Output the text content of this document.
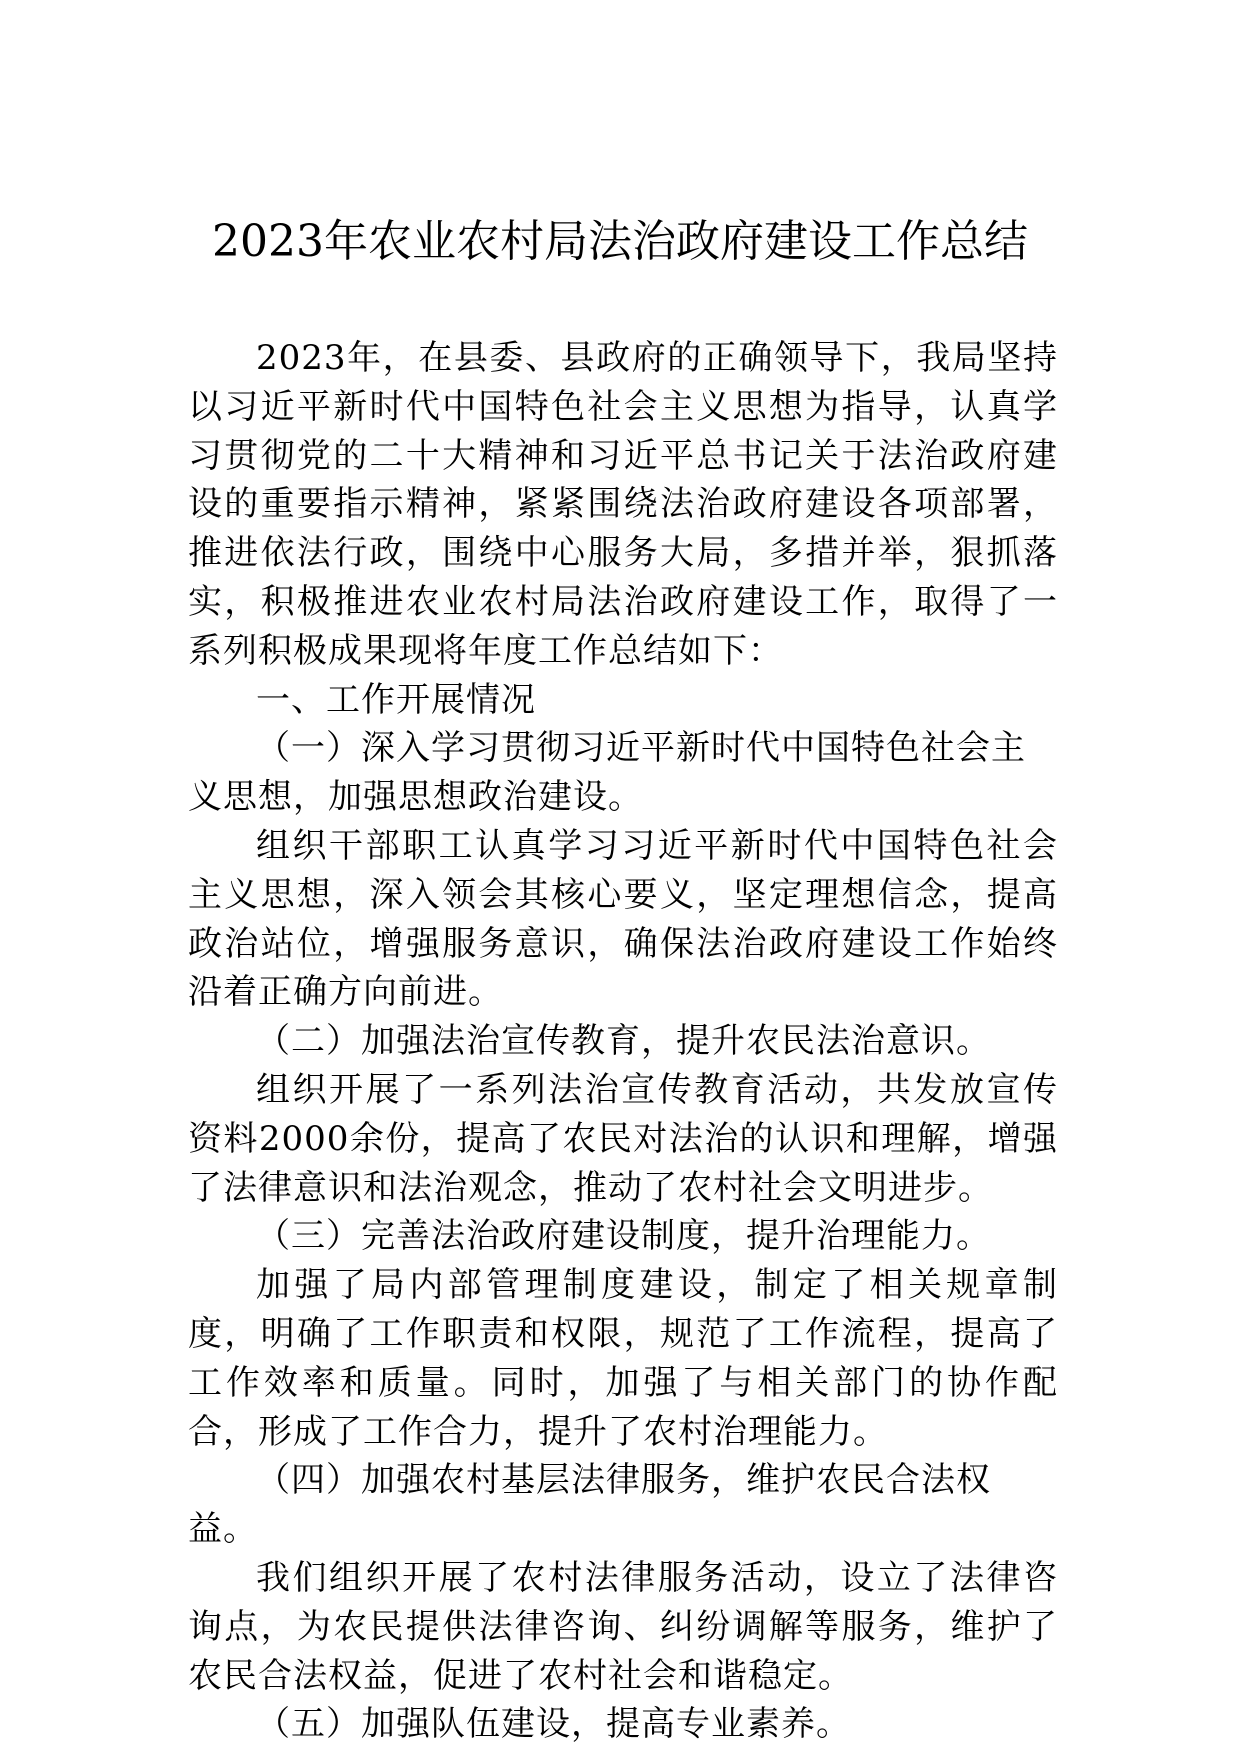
2023年农业农村局法治政府建设工作总结

2023年，在县委、县政府的正确领导下，我局坚持以习近平新时代中国特色社会主义思想为指导，认真学习贯彻党的二十大精神和习近平总书记关于法治政府建设的重要指示精神，紧紧围绕法治政府建设各项部署，推进依法行政，围绕中心服务大局，多措并举，狠抓落实，积极推进农业农村局法治政府建设工作，取得了一系列积极成果现将年度工作总结如下：

一、工作开展情况

（一）深入学习贯彻习近平新时代中国特色社会主义思想，加强思想政治建设。

组织干部职工认真学习习近平新时代中国特色社会主义思想，深入领会其核心要义，坚定理想信念，提高政治站位，增强服务意识，确保法治政府建设工作始终沿着正确方向前进。

（二）加强法治宣传教育，提升农民法治意识。

组织开展了一系列法治宣传教育活动，共发放宣传资料2000余份，提高了农民对法治的认识和理解，增强了法律意识和法治观念，推动了农村社会文明进步。

（三）完善法治政府建设制度，提升治理能力。

加强了局内部管理制度建设，制定了相关规章制度，明确了工作职责和权限，规范了工作流程，提高了工作效率和质量。同时，加强了与相关部门的协作配合，形成了工作合力，提升了农村治理能力。

（四）加强农村基层法律服务，维护农民合法权益。

我们组织开展了农村法律服务活动，设立了法律咨询点，为农民提供法律咨询、纠纷调解等服务，维护了农民合法权益，促进了农村社会和谐稳定。

（五）加强队伍建设，提高专业素养。
